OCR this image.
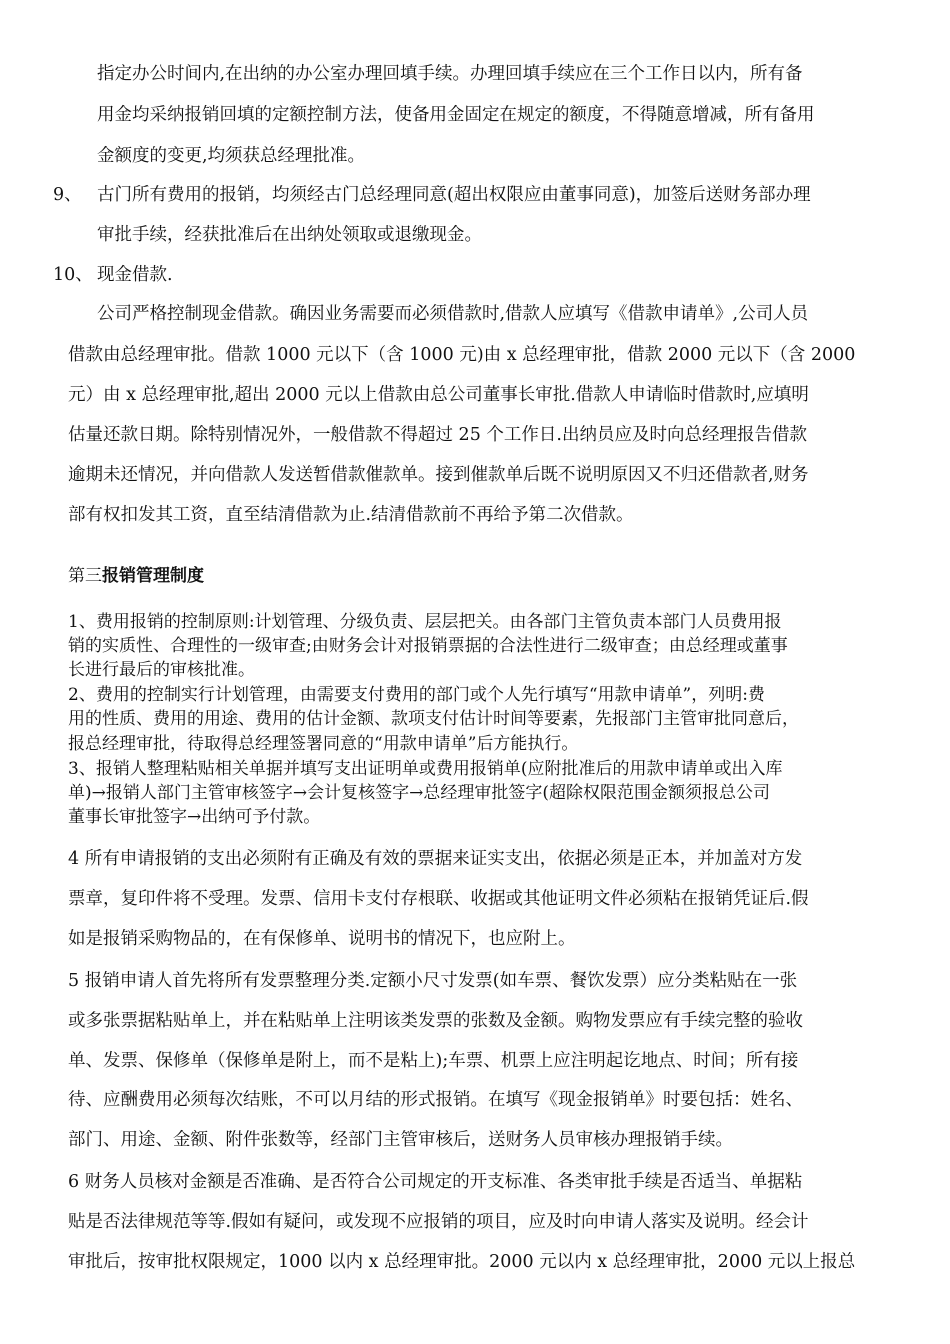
指定办公时间内,在出纳的办公室办理回填手续。办理回填手续应在三个工作日以内，所有备
用金均采纳报销回填的定额控制方法，使备用金固定在规定的额度，不得随意增减，所有备用
金额度的变更,均须获总经理批准。
9、 古门所有费用的报销，均须经古门总经理同意(超出权限应由董事同意)，加签后送财务部办理
审批手续，经获批准后在出纳处领取或退缴现金。
10、 现金借款.
公司严格控制现金借款。确因业务需要而必须借款时,借款人应填写《借款申请单》,公司人员
借款由总经理审批。借款 1000 元以下（含 1000 元)由 x 总经理审批，借款 2000 元以下（含 2000
元）由 x 总经理审批,超出 2000 元以上借款由总公司董事长审批.借款人申请临时借款时,应填明
估量还款日期。除特别情况外，一般借款不得超过 25 个工作日.出纳员应及时向总经理报告借款
逾期未还情况，并向借款人发送暂借款催款单。接到催款单后既不说明原因又不归还借款者,财务
部有权扣发其工资，直至结清借款为止.结清借款前不再给予第二次借款。
第三报销管理制度
1、费用报销的控制原则:计划管理、分级负责、层层把关。由各部门主管负责本部门人员费用报
销的实质性、合理性的一级审查;由财务会计对报销票据的合法性进行二级审查；由总经理或董事
长进行最后的审核批准。
2、费用的控制实行计划管理，由需要支付费用的部门或个人先行填写“用款申请单”，列明:费
用的性质、费用的用途、费用的估计金额、款项支付估计时间等要素，先报部门主管审批同意后，
报总经理审批，待取得总经理签署同意的“用款申请单”后方能执行。
3、报销人整理粘贴相关单据并填写支出证明单或费用报销单(应附批准后的用款申请单或出入库
单)→报销人部门主管审核签字→会计复核签字→总经理审批签字(超除权限范围金额须报总公司
董事长审批签字→出纳可予付款。
4 所有申请报销的支出必须附有正确及有效的票据来证实支出，依据必须是正本，并加盖对方发
票章，复印件将不受理。发票、信用卡支付存根联、收据或其他证明文件必须粘在报销凭证后.假
如是报销采购物品的，在有保修单、说明书的情况下，也应附上。
5 报销申请人首先将所有发票整理分类.定额小尺寸发票(如车票、餐饮发票）应分类粘贴在一张
或多张票据粘贴单上，并在粘贴单上注明该类发票的张数及金额。购物发票应有手续完整的验收
单、发票、保修单（保修单是附上，而不是粘上);车票、机票上应注明起讫地点、时间；所有接
待、应酬费用必须每次结账，不可以月结的形式报销。在填写《现金报销单》时要包括：姓名、
部门、用途、金额、附件张数等，经部门主管审核后，送财务人员审核办理报销手续。
6 财务人员核对金额是否准确、是否符合公司规定的开支标准、各类审批手续是否适当、单据粘
贴是否法律规范等等.假如有疑问，或发现不应报销的项目，应及时向申请人落实及说明。经会计
审批后，按审批权限规定，1000 以内 x 总经理审批。2000 元以内 x 总经理审批，2000 元以上报总
